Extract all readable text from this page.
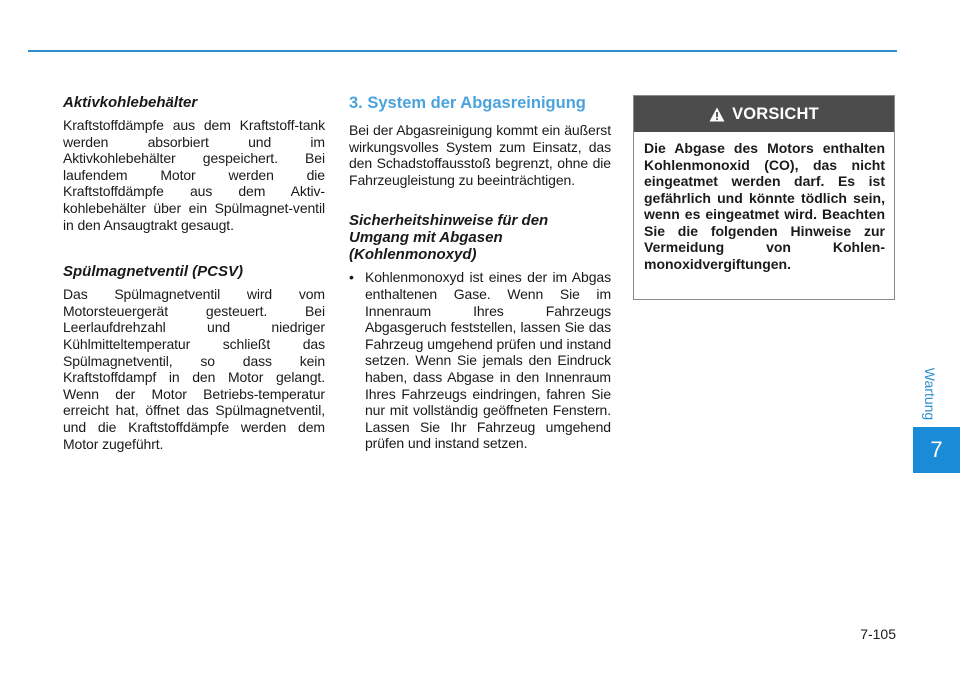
Aktivkohlebehälter

Kraftstoffdämpfe aus dem Kraftstoff-tank werden absorbiert und im Aktivkohlebehälter gespeichert. Bei laufendem Motor werden die Kraftstoffdämpfe aus dem Aktiv-kohlebehälter über ein Spülmagnet-ventil in den Ansaugtrakt gesaugt.

Spülmagnetventil (PCSV)

Das Spülmagnetventil wird vom Motorsteuergerät gesteuert. Bei Leerlaufdrehzahl und niedriger Kühlmitteltemperatur schließt das Spülmagnetventil, so dass kein Kraftstoffdampf in den Motor gelangt. Wenn der Motor Betriebs-temperatur erreicht hat, öffnet das Spülmagnetventil, und die Kraftstoffdämpfe werden dem Motor zugeführt.

3. System der Abgasreinigung

Bei der Abgasreinigung kommt ein äußerst wirkungsvolles System zum Einsatz, das den Schadstoffausstoß begrenzt, ohne die Fahrzeugleistung zu beeinträchtigen.

Sicherheitshinweise für den Umgang mit Abgasen (Kohlenmonoxyd)

• Kohlenmonoxyd ist eines der im Abgas enthaltenen Gase. Wenn Sie im Innenraum Ihres Fahrzeugs Abgasgeruch feststellen, lassen Sie das Fahrzeug umgehend prüfen und instand setzen. Wenn Sie jemals den Eindruck haben, dass Abgase in den Innenraum Ihres Fahrzeugs eindringen, fahren Sie nur mit vollständig geöffneten Fenstern. Lassen Sie Ihr Fahrzeug umgehend prüfen und instand setzen.

VORSICHT
Die Abgase des Motors enthalten Kohlenmonoxid (CO), das nicht eingeatmet werden darf. Es ist gefährlich und könnte tödlich sein, wenn es eingeatmet wird. Beachten Sie die folgenden Hinweise zur Vermeidung von Kohlen-monoxidvergiftungen.
Wartung
7
7-105
